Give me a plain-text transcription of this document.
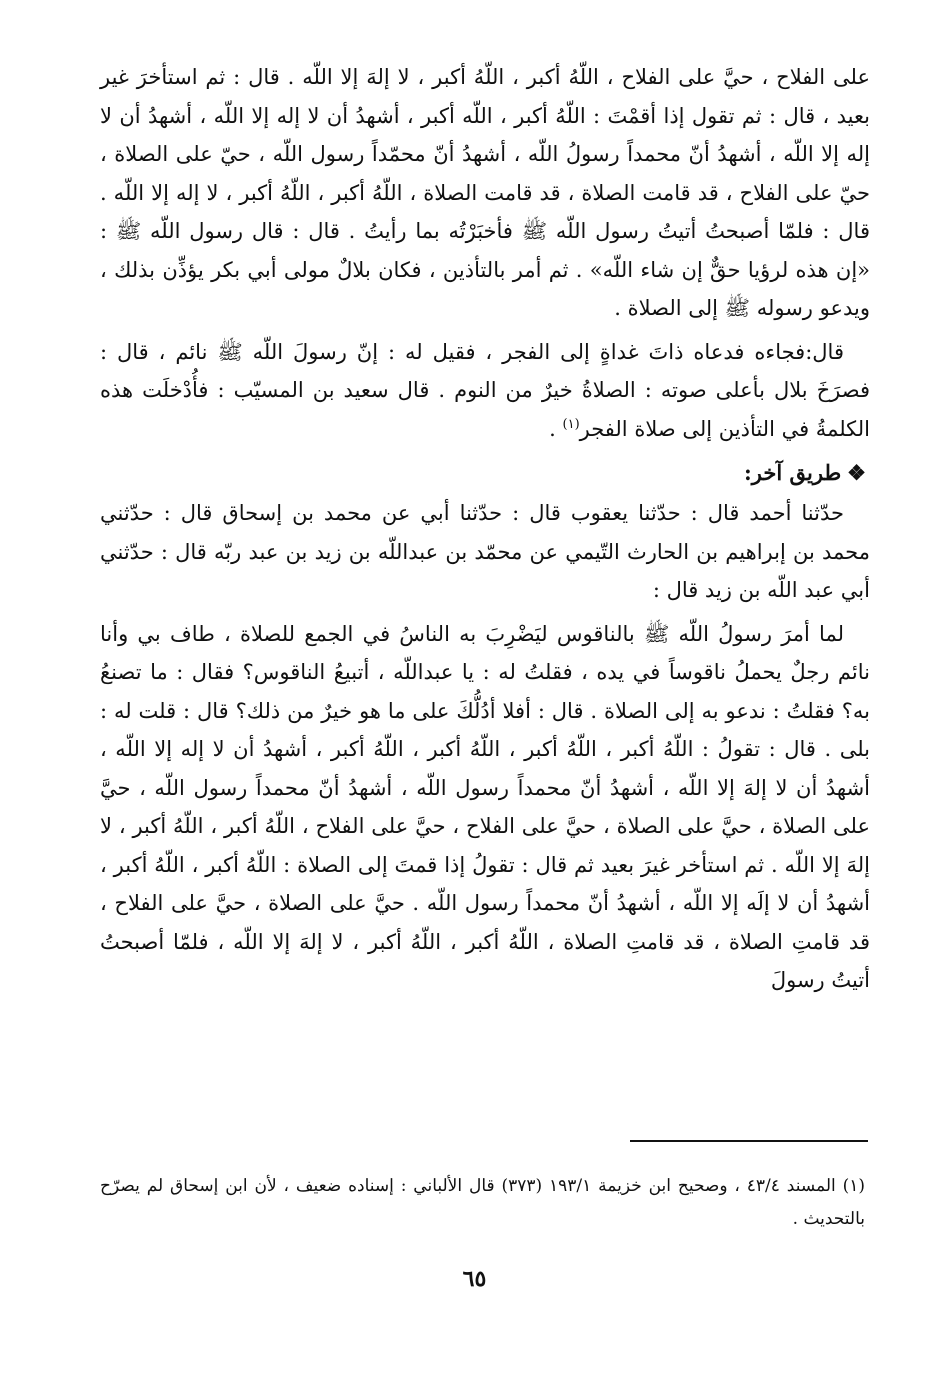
على الفلاح ، حيَّ على الفلاح ، اللّهُ أكبر ، اللّهُ أكبر ، لا إلهَ إلا اللّه . قال : ثم استأخرَ غير بعيد ، قال : ثم تقول إذا أقمْتَ : اللّهُ أكبر ، اللّه أكبر ، أشهدُ أن لا إله إلا اللّه ، أشهدُ أن لا إله إلا اللّه ، أشهدُ أنّ محمداً رسولُ اللّه ، أشهدُ أنّ محمّداً رسول اللّه ، حيّ على الصلاة ، حيّ على الفلاح ، قد قامت الصلاة ، قد قامت الصلاة ، اللّهُ أكبر ، اللّهُ أكبر ، لا إله إلا اللّه . قال : فلمّا أصبحتُ أتيتُ رسول اللّه ﷺ فأخبَرْتُه بما رأيتُ . قال : قال رسول اللّه ﷺ : «إن هذه لرؤيا حقٌّ إن شاء اللّه» . ثم أمر بالتأذين ، فكان بلالٌ مولى أبي بكر يؤذِّن بذلك ، ويدعو رسوله ﷺ إلى الصلاة .

قال:فجاءه فدعاه ذاتَ غداةٍ إلى الفجر ، فقيل له : إنّ رسولَ اللّه ﷺ نائم ، قال : فصرَخَ بلال بأعلى صوته : الصلاةُ خيرٌ من النوم . قال سعيد بن المسيّب : فأُدْخلَت هذه الكلمةُ في التأذين إلى صلاة الفجر$^{(١)}$ .

❖طريق آخر:

حدّثنا أحمد قال : حدّثنا يعقوب قال : حدّثنا أبي عن محمد بن إسحاق قال : حدّثني محمد بن إبراهيم بن الحارث التّيمي عن محمّد بن عبداللّه بن زيد بن عبد ربّه قال : حدّثني أبي عبد اللّه بن زيد قال :

لما أمرَ رسولُ اللّه ﷺ بالناقوس ليَضْرِبَ به الناسُ في الجمع للصلاة ، طاف بي وأنا نائم رجلٌ يحملُ ناقوساً في يده ، فقلتُ له : يا عبداللّه ، أتبيعُ الناقوس؟ فقال : ما تصنعُ به؟ فقلتُ : ندعو به إلى الصلاة . قال : أفلا أدُلُّكَ على ما هو خيرٌ من ذلك؟ قال : قلت له : بلى . قال : تقولُ : اللّهُ أكبر ، اللّهُ أكبر ، اللّهُ أكبر ، اللّهُ أكبر ، أشهدُ أن لا إله إلا اللّه ، أشهدُ أن لا إلهَ إلا اللّه ، أشهدُ أنّ محمداً رسول اللّه ، أشهدُ أنّ محمداً رسول اللّه ، حيَّ على الصلاة ، حيَّ على الصلاة ، حيَّ على الفلاح ، حيَّ على الفلاح ، اللّهُ أكبر ، اللّهُ أكبر ، لا إلهَ إلا اللّه . ثم استأخر غيرَ بعيد ثم قال : تقولُ إذا قمتَ إلى الصلاة : اللّهُ أكبر ، اللّهُ أكبر ، أشهدُ أن لا إلَه إلا اللّه ، أشهدُ أنّ محمداً رسول اللّه . حيَّ على الصلاة ، حيَّ على الفلاح ، قد قامتِ الصلاة ، قد قامتِ الصلاة ، اللّهُ أكبر ، اللّهُ أكبر ، لا إلهَ إلا اللّه ، فلمّا أصبحتُ أتيتُ رسولَ

(١) المسند ٤٣/٤ ، وصحيح ابن خزيمة ١٩٣/١ (٣٧٣) قال الألباني : إسناده ضعيف ، لأن ابن إسحاق لم يصرّح بالتحديث .

٦٥
